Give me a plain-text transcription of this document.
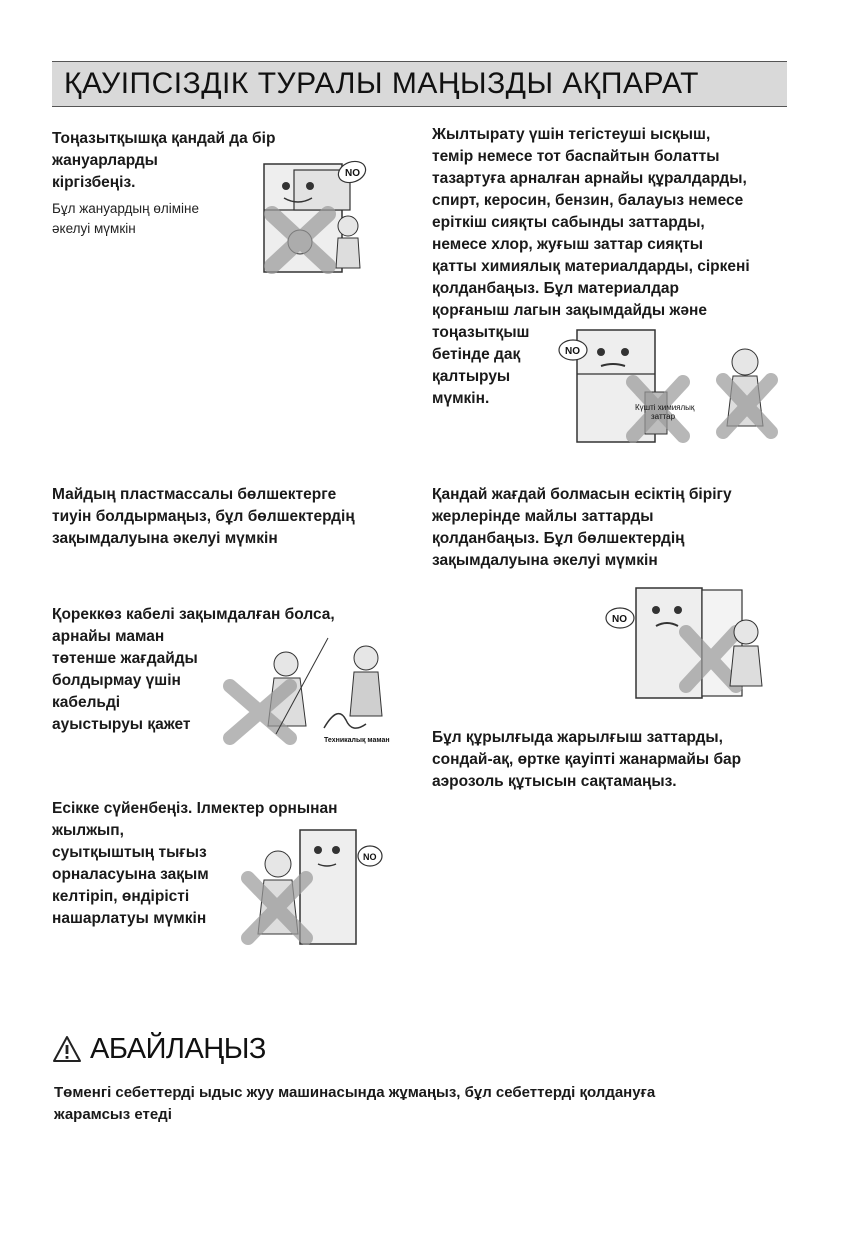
ҚАУІПСІЗДІК ТУРАЛЫ МАҢЫЗДЫ АҚПАРАТ
Тоңазытқышқа қандай да бір
жануарларды
кіргізбеңіз.
Бұл жануардың өліміне
әкелуі мүмкін
NO
Жылтырату үшін тегістеуші ысқыш,
темір немесе тот баспайтын болатты
тазартуға арналған арнайы құралдарды,
спирт, керосин, бензин, балауыз немесе
еріткіш сияқты сабынды заттарды,
немесе хлор, жуғыш заттар сияқты
қатты химиялық материалдарды, сіркені
қолданбаңыз. Бұл материалдар
қорғаныш лагын зақымдайды және
тоңазытқыш
бетінде дақ
қалтыруы
мүмкін.
NO
Күшті химиялық
заттар
Майдың пластмассалы бөлшектерге
тиуін болдырмаңыз, бұл бөлшектердің
зақымдалуына әкелуі мүмкін
Қандай жағдай болмасын есіктің бірігу
жерлерінде майлы заттарды
қолданбаңыз. Бұл бөлшектердің
зақымдалуына әкелуі мүмкін
NO
Қореккөз кабелі зақымдалған болса,
арнайы маман
төтенше жағдайды
болдырмау үшін
кабельді
ауыстыруы қажет
Техникалық маман	Бұл құрылғыда жарылғыш заттарды,
сондай-ақ, өртке қауіпті жанармайы бар
аэрозоль құтысын сақтамаңыз.
Есікке сүйенбеңіз. Ілмектер орнынан
жылжып,
суытқыштың тығыз
орналасуына зақым
келтіріп, өндірісті
нашарлатуы мүмкін
NO
АБАЙЛАҢЫЗ
Төменгі себеттерді ыдыс жуу машинасында жұмаңыз, бұл себеттерді қолдануға
жарамсыз етеді
